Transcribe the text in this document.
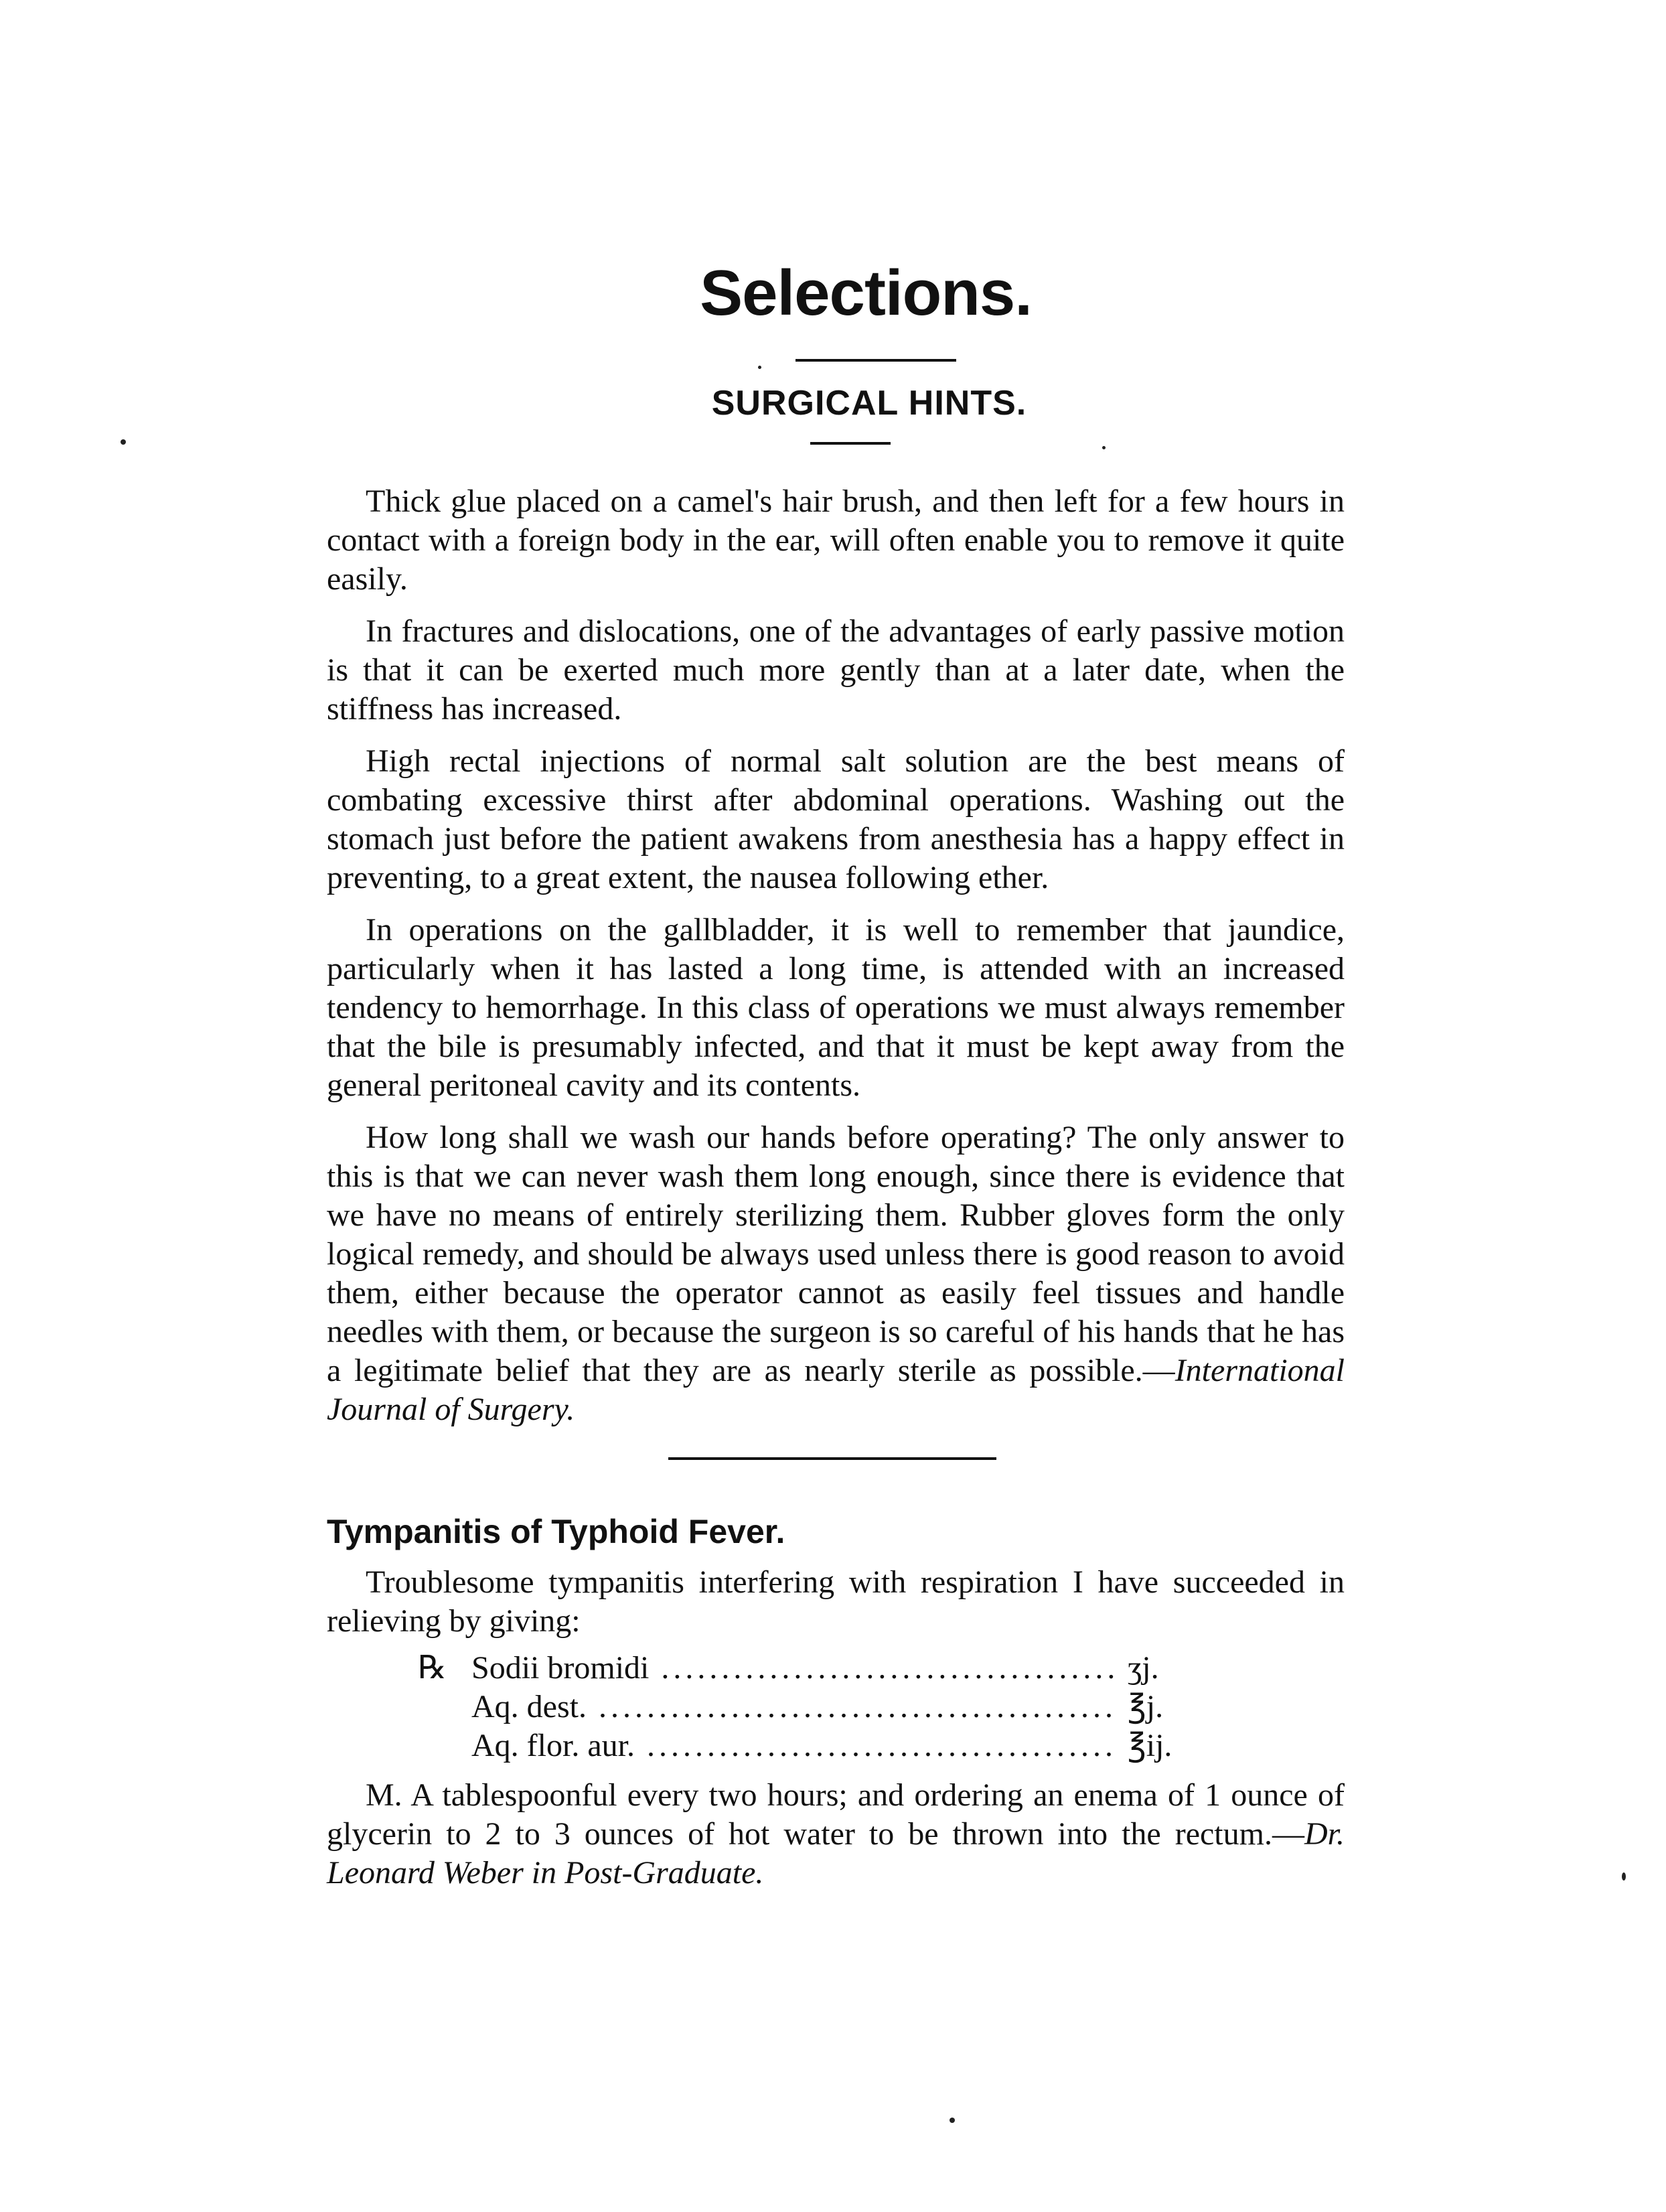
Selections.
SURGICAL HINTS.

Thick glue placed on a camel's hair brush, and then left for a few hours in contact with a foreign body in the ear, will often enable you to remove it quite easily.

In fractures and dislocations, one of the advantages of early passive motion is that it can be exerted much more gently than at a later date, when the stiffness has increased.

High rectal injections of normal salt solution are the best means of combating excessive thirst after abdominal operations. Washing out the stomach just before the patient awakens from anesthesia has a happy effect in preventing, to a great extent, the nausea following ether.

In operations on the gallbladder, it is well to remember that jaundice, particularly when it has lasted a long time, is attended with an increased tendency to hemorrhage. In this class of operations we must always remember that the bile is presumably infected, and that it must be kept away from the general peritoneal cavity and its contents.

How long shall we wash our hands before operating? The only answer to this is that we can never wash them long enough, since there is evidence that we have no means of entirely sterilizing them. Rubber gloves form the only logical remedy, and should be always used unless there is good reason to avoid them, either because the operator cannot as easily feel tissues and handle needles with them, or because the surgeon is so careful of his hands that he has a legitimate belief that they are as nearly sterile as possible.—International Journal of Surgery.

Tympanitis of Typhoid Fever.

Troublesome tympanitis interfering with respiration I have succeeded in relieving by giving:

℞ Sodii bromidi .....	ʒj.
Aq. dest. .....	℥j.
Aq. flor. aur. .....	℥ij.

M. A tablespoonful every two hours; and ordering an enema of 1 ounce of glycerin to 2 to 3 ounces of hot water to be thrown into the rectum.—Dr. Leonard Weber in Post-Graduate.
